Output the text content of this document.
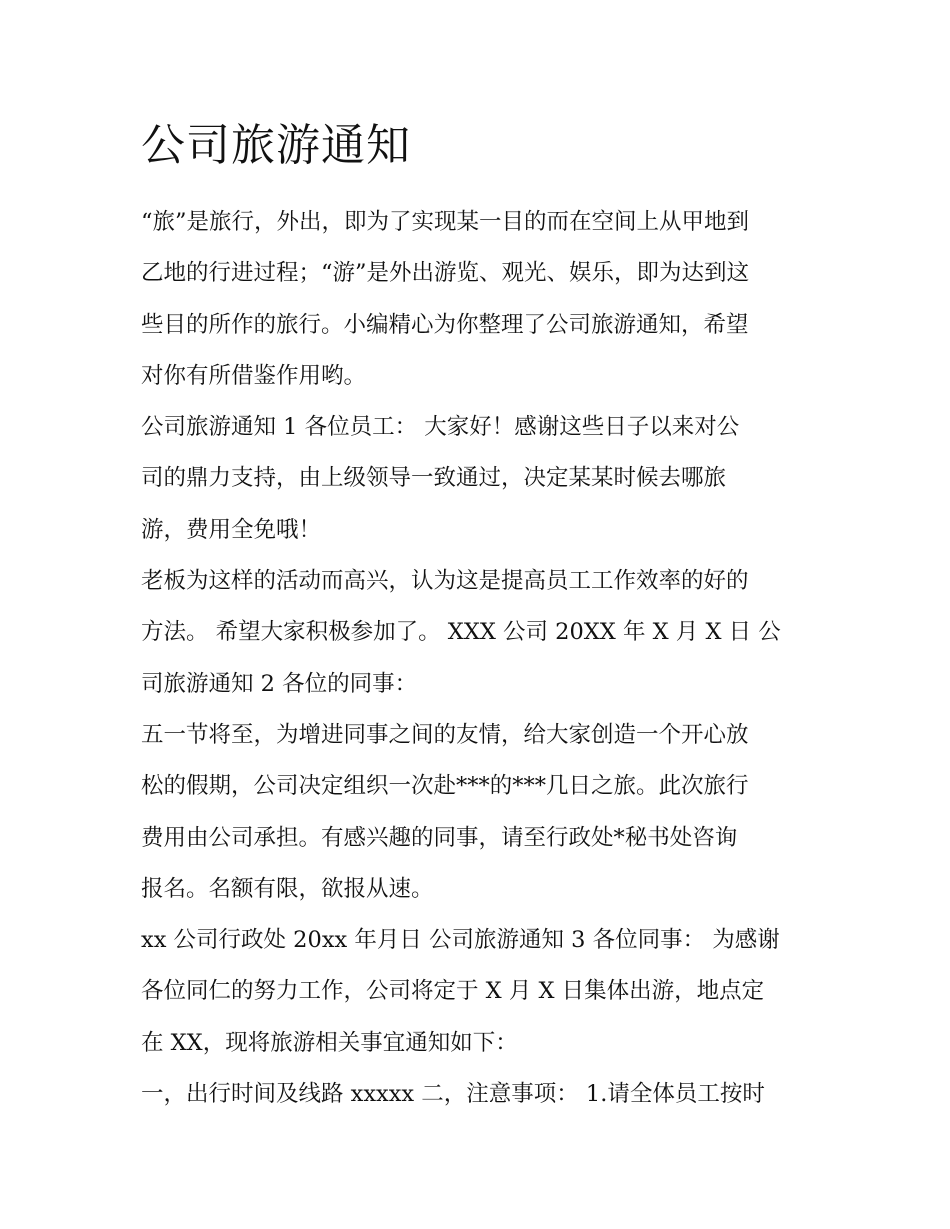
公司旅游通知
“旅”是旅行，外出，即为了实现某一目的而在空间上从甲地到
乙地的行进过程；“游”是外出游览、观光、娱乐，即为达到这
些目的所作的旅行。小编精心为你整理了公司旅游通知，希望
对你有所借鉴作用哟。
公司旅游通知 1 各位员工： 大家好！感谢这些日子以来对公
司的鼎力支持，由上级领导一致通过，决定某某时候去哪旅
游，费用全免哦！
老板为这样的活动而高兴，认为这是提高员工工作效率的好的
方法。 希望大家积极参加了。 XXX 公司 20XX 年 X 月 X 日 公
司旅游通知 2 各位的同事：
五一节将至，为增进同事之间的友情，给大家创造一个开心放
松的假期，公司决定组织一次赴***的***几日之旅。此次旅行
费用由公司承担。有感兴趣的同事，请至行政处*秘书处咨询
报名。名额有限，欲报从速。
xx 公司行政处 20xx 年月日 公司旅游通知 3 各位同事： 为感谢
各位同仁的努力工作，公司将定于 X 月 X 日集体出游，地点定
在 XX，现将旅游相关事宜通知如下：
一，出行时间及线路 xxxxx 二，注意事项： 1.请全体员工按时
